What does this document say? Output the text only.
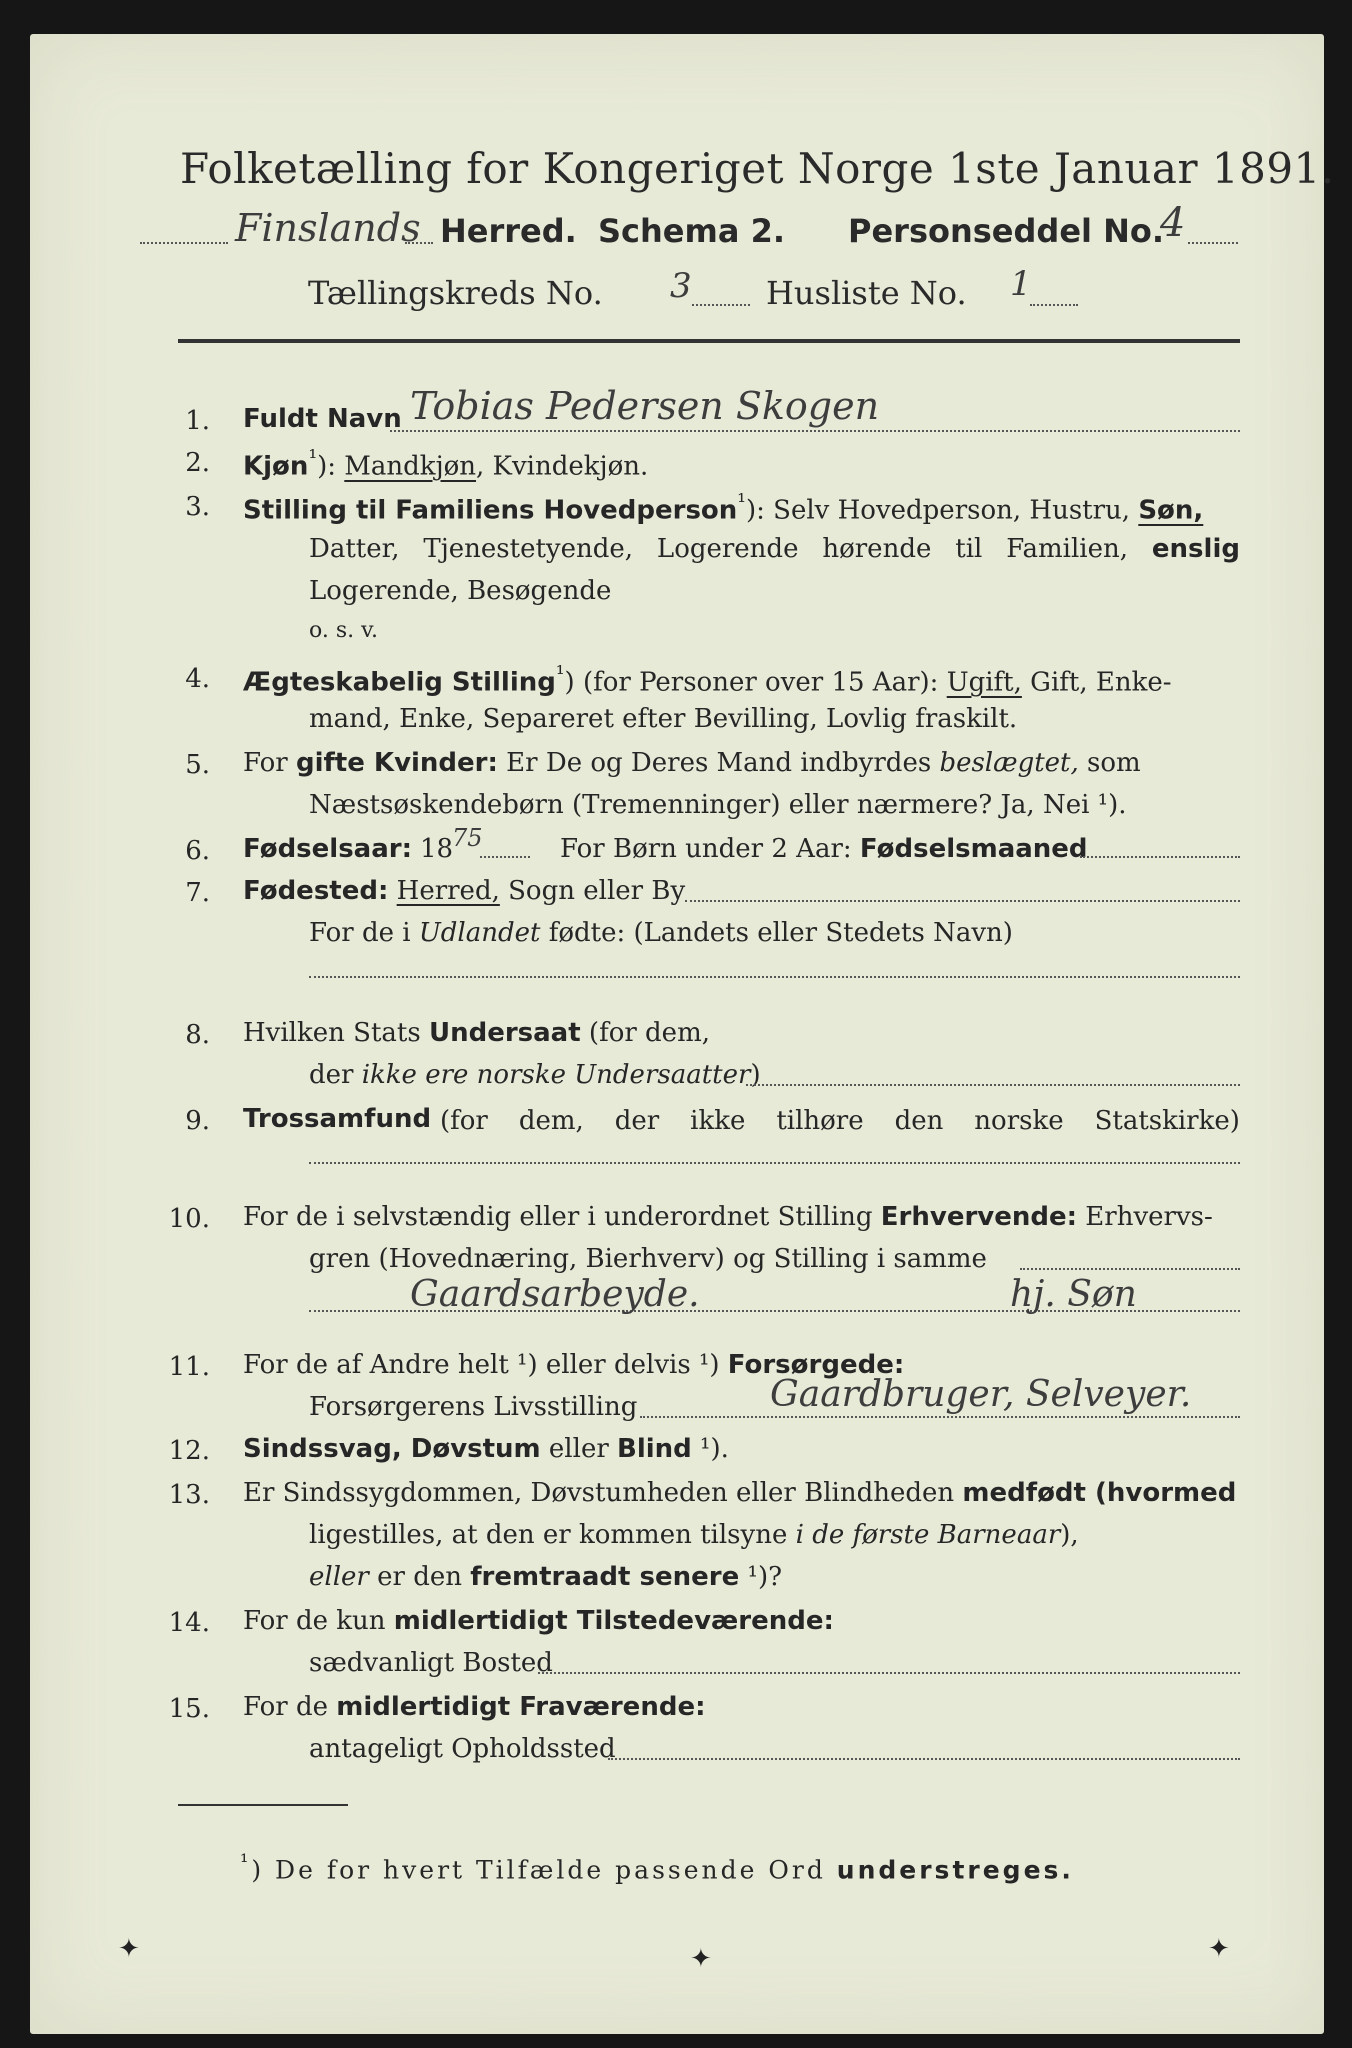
Folketælling for Kongeriget Norge 1ste Januar 1891.
Finslands Herred. Schema 2. Personseddel No.
4
Tællingskreds No. 3 Husliste No. 1
1. Fuldt Navn Tobias Pedersen Skogen
2. Kjøn$^{^1}$): Mandkjøn, Kvindekjøn.
3. Stilling til Familiens Hovedperson$^{^1}$): Selv Hovedperson, Hustru, Søn,
Datter, Tjenestetyende, Logerende hørende til Familien, enslig
Logerende, Besøgende
o. s. v.
4. Ægteskabelig Stilling$^{^1}$) (for Personer over 15 Aar): Ugift, Gift, Enke-
mand, Enke, Separeret efter Bevilling, Lovlig fraskilt.
5. For gifte Kvinder: Er De og Deres Mand indbyrdes beslægtet, som
Næstsøskendebørn (Tremenninger) eller nærmere? Ja, Nei ¹).
6. Fødselsaar: 18
75	For Børn under 2 Aar: Fødselsmaaned
7. Fødested: Herred, Sogn eller By
For de i Udlandet fødte: (Landets eller Stedets Navn)
8. Hvilken Stats Undersaat (for dem,
der ikke ere norske Undersaatter)
9. Trossamfund (for dem, der ikke tilhøre den norske Statskirke)
10. For de i selvstændig eller i underordnet Stilling Erhvervende: Erhvervs-
gren (Hovednæring, Bierhverv) og Stilling i samme
Gaardsarbeyde.	hj. Søn
11. For de af Andre helt ¹) eller delvis ¹) Forsørgede:
Forsørgerens Livsstilling	Gaardbruger, Selveyer.
12. Sindssvag, Døvstum eller Blind ¹).
13. Er Sindssygdommen, Døvstumheden eller Blindheden medfødt (hvormed
ligestilles, at den er kommen tilsyne i de første Barneaar),
eller er den fremtraadt senere ¹)?
14. For de kun midlertidigt Tilstedeværende:
sædvanligt Bosted
15. For de midlertidigt Fraværende:
antageligt Opholdssted
$^{^1}$) De for hvert Tilfælde passende Ord understreges.
✦	✦	✦
